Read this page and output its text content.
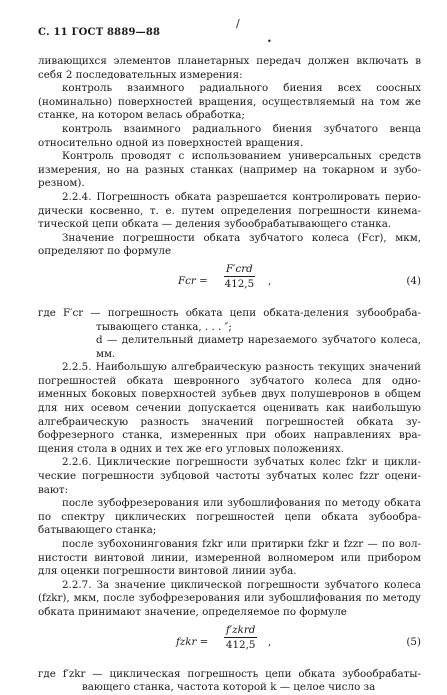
С. 11 ГОСТ 8889—88
/
•

ливающихся элементов планетарных передач должен включать в себя 2 последовательных измерения:

контроль взаимного радиального биения всех соосных (номинально) поверхностей вращения, осуществляемый на том же станке, на котором велась обработка;

контроль взаимного радиального биения зубчатого венца относительно одной из поверхностей вращения.

Контроль проводят с использованием универсальных средств измерения, но на разных станках (например на токарном и зуборезном).

2.2.4. Погрешность обката разрешается контролировать периодически косвенно, т. е. путем определения погрешности кинематической цепи обката — деления зубообрабатывающего станка.

Значение погрешности обката зубчатого колеса (Fcr), мкм, определяют по формуле

Fcr =
F′crd
412,5 ,	(4)

где F′cr — погрешность обката цепи обката-деления зубообрабатывающего станка, . . . ″;

d — делительный диаметр нарезаемого зубчатого колеса, мм.

2.2.5. Наибольшую алгебраическую разность текущих значений погрешностей обката шевронного зубчатого колеса для одноименных боковых поверхностей зубьев двух полушевронов в общем для них осевом сечении допускается оценивать как наибольшую алгебраическую разность значений погрешностей обката зубофрезерного станка, измеренных при обоих направлениях вращения стола в одних и тех же его угловых положениях.

2.2.6. Циклические погрешности зубчатых колес fzkr и циклические погрешности зубцовой частоты зубчатых колес fzzr оценивают:

после зубофрезерования или зубошлифования по методу обката по спектру циклических погрешностей цепи обката зубообрабатывающего станка;

после зубохонингования fzkr или притирки fzkr и fzzr — по волнистости винтовой линии, измеренной волномером или прибором для оценки погрешности винтовой линии зуба.

2.2.7. За значение циклической погрешности зубчатого колеса (fzkr), мкм, после зубофрезерования или зубошлифования по методу обката принимают значение, определяемое по формуле

fzkr =
f′zkrd
412,5 ,	(5)

где f′zkr — циклическая погрешность цепи обката зубообрабатывающего станка, частота которой k — целое число за
